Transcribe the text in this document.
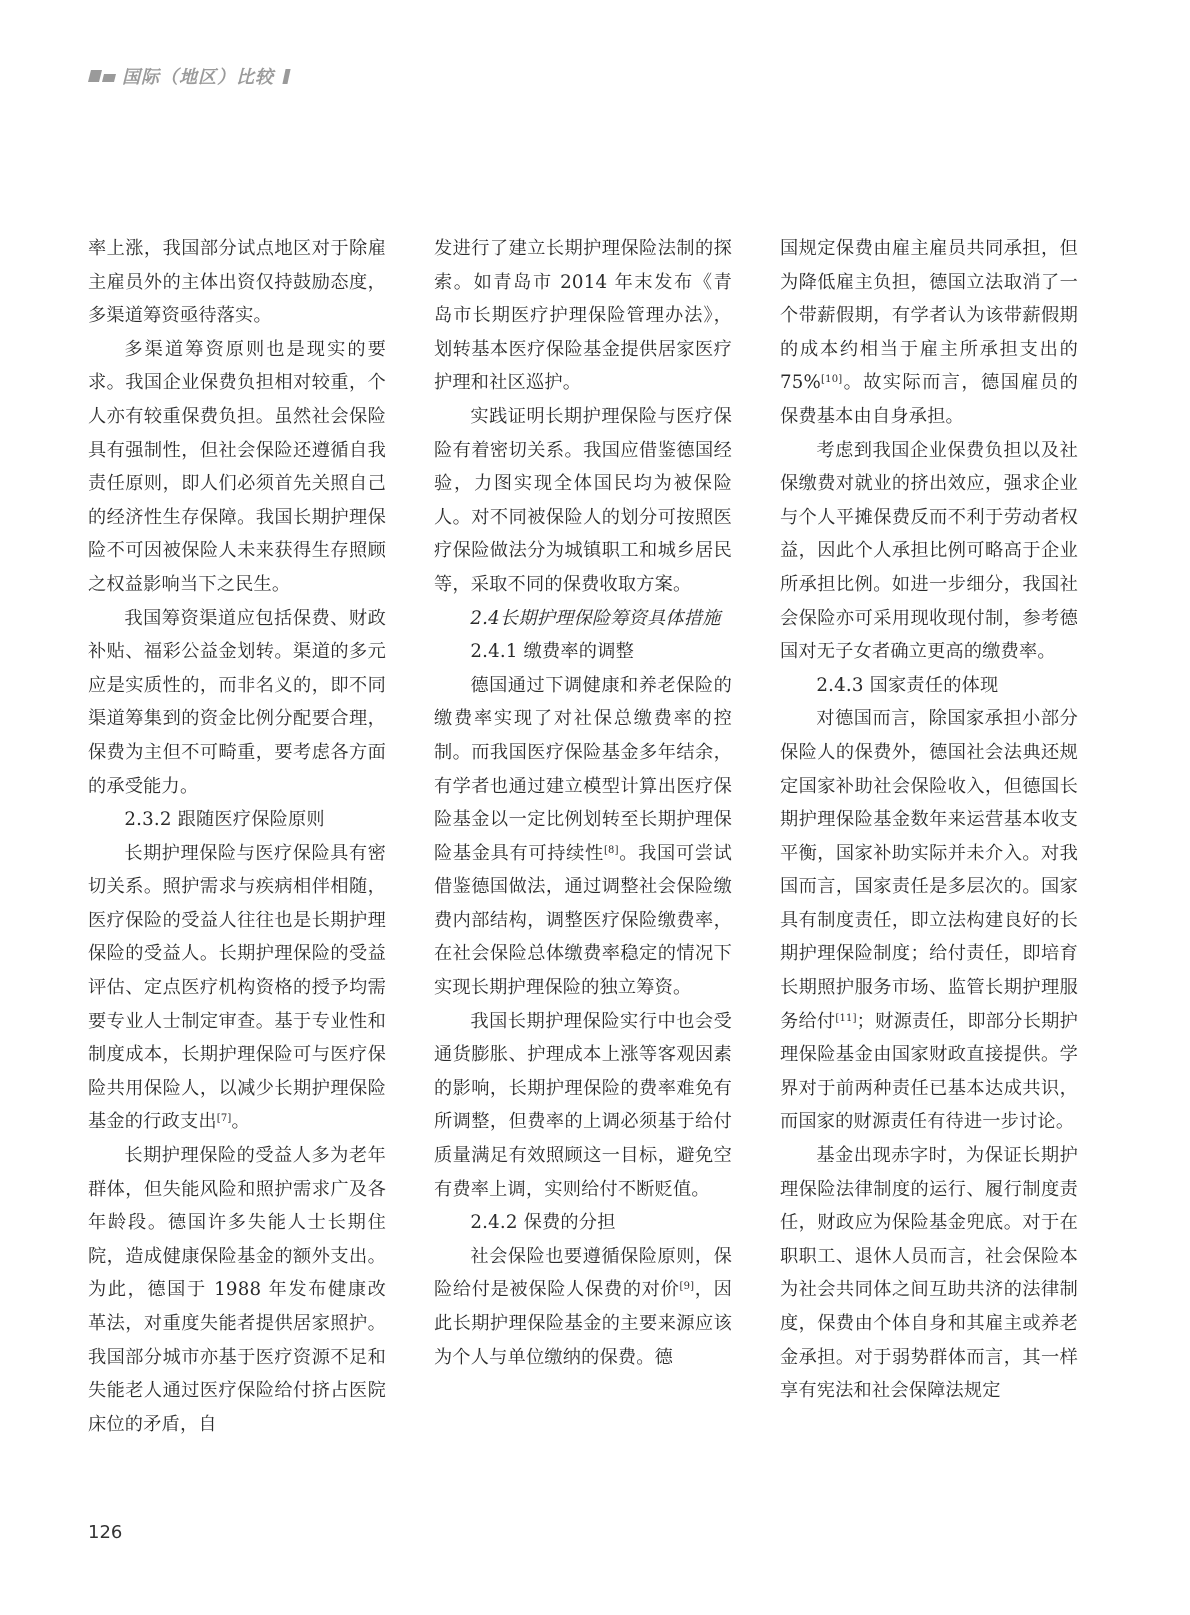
国际（地区）比较

率上涨，我国部分试点地区对于除雇主雇员外的主体出资仅持鼓励态度，多渠道筹资亟待落实。

多渠道筹资原则也是现实的要求。我国企业保费负担相对较重，个人亦有较重保费负担。虽然社会保险具有强制性，但社会保险还遵循自我责任原则，即人们必须首先关照自己的经济性生存保障。我国长期护理保险不可因被保险人未来获得生存照顾之权益影响当下之民生。

我国筹资渠道应包括保费、财政补贴、福彩公益金划转。渠道的多元应是实质性的，而非名义的，即不同渠道筹集到的资金比例分配要合理，保费为主但不可畸重，要考虑各方面的承受能力。

2.3.2 跟随医疗保险原则

长期护理保险与医疗保险具有密切关系。照护需求与疾病相伴相随，医疗保险的受益人往往也是长期护理保险的受益人。长期护理保险的受益评估、定点医疗机构资格的授予均需要专业人士制定审查。基于专业性和制度成本，长期护理保险可与医疗保险共用保险人，以减少长期护理保险基金的行政支出[7]。

长期护理保险的受益人多为老年群体，但失能风险和照护需求广及各年龄段。德国许多失能人士长期住院，造成健康保险基金的额外支出。为此，德国于 1988 年发布健康改革法，对重度失能者提供居家照护。我国部分城市亦基于医疗资源不足和失能老人通过医疗保险给付挤占医院床位的矛盾，自

发进行了建立长期护理保险法制的探索。如青岛市 2014 年末发布《青岛市长期医疗护理保险管理办法》，划转基本医疗保险基金提供居家医疗护理和社区巡护。

实践证明长期护理保险与医疗保险有着密切关系。我国应借鉴德国经验，力图实现全体国民均为被保险人。对不同被保险人的划分可按照医疗保险做法分为城镇职工和城乡居民等，采取不同的保费收取方案。

2.4长期护理保险筹资具体措施

2.4.1 缴费率的调整

德国通过下调健康和养老保险的缴费率实现了对社保总缴费率的控制。而我国医疗保险基金多年结余，有学者也通过建立模型计算出医疗保险基金以一定比例划转至长期护理保险基金具有可持续性[8]。我国可尝试借鉴德国做法，通过调整社会保险缴费内部结构，调整医疗保险缴费率，在社会保险总体缴费率稳定的情况下实现长期护理保险的独立筹资。

我国长期护理保险实行中也会受通货膨胀、护理成本上涨等客观因素的影响，长期护理保险的费率难免有所调整，但费率的上调必须基于给付质量满足有效照顾这一目标，避免空有费率上调，实则给付不断贬值。

2.4.2 保费的分担

社会保险也要遵循保险原则，保险给付是被保险人保费的对价[9]，因此长期护理保险基金的主要来源应该为个人与单位缴纳的保费。德

国规定保费由雇主雇员共同承担，但为降低雇主负担，德国立法取消了一个带薪假期，有学者认为该带薪假期的成本约相当于雇主所承担支出的 75%[10]。故实际而言，德国雇员的保费基本由自身承担。

考虑到我国企业保费负担以及社保缴费对就业的挤出效应，强求企业与个人平摊保费反而不利于劳动者权益，因此个人承担比例可略高于企业所承担比例。如进一步细分，我国社会保险亦可采用现收现付制，参考德国对无子女者确立更高的缴费率。

2.4.3 国家责任的体现

对德国而言，除国家承担小部分保险人的保费外，德国社会法典还规定国家补助社会保险收入，但德国长期护理保险基金数年来运营基本收支平衡，国家补助实际并未介入。对我国而言，国家责任是多层次的。国家具有制度责任，即立法构建良好的长期护理保险制度；给付责任，即培育长期照护服务市场、监管长期护理服务给付[11]；财源责任，即部分长期护理保险基金由国家财政直接提供。学界对于前两种责任已基本达成共识，而国家的财源责任有待进一步讨论。

基金出现赤字时，为保证长期护理保险法律制度的运行、履行制度责任，财政应为保险基金兜底。对于在职职工、退休人员而言，社会保险本为社会共同体之间互助共济的法律制度，保费由个体自身和其雇主或养老金承担。对于弱势群体而言，其一样享有宪法和社会保障法规定

126
